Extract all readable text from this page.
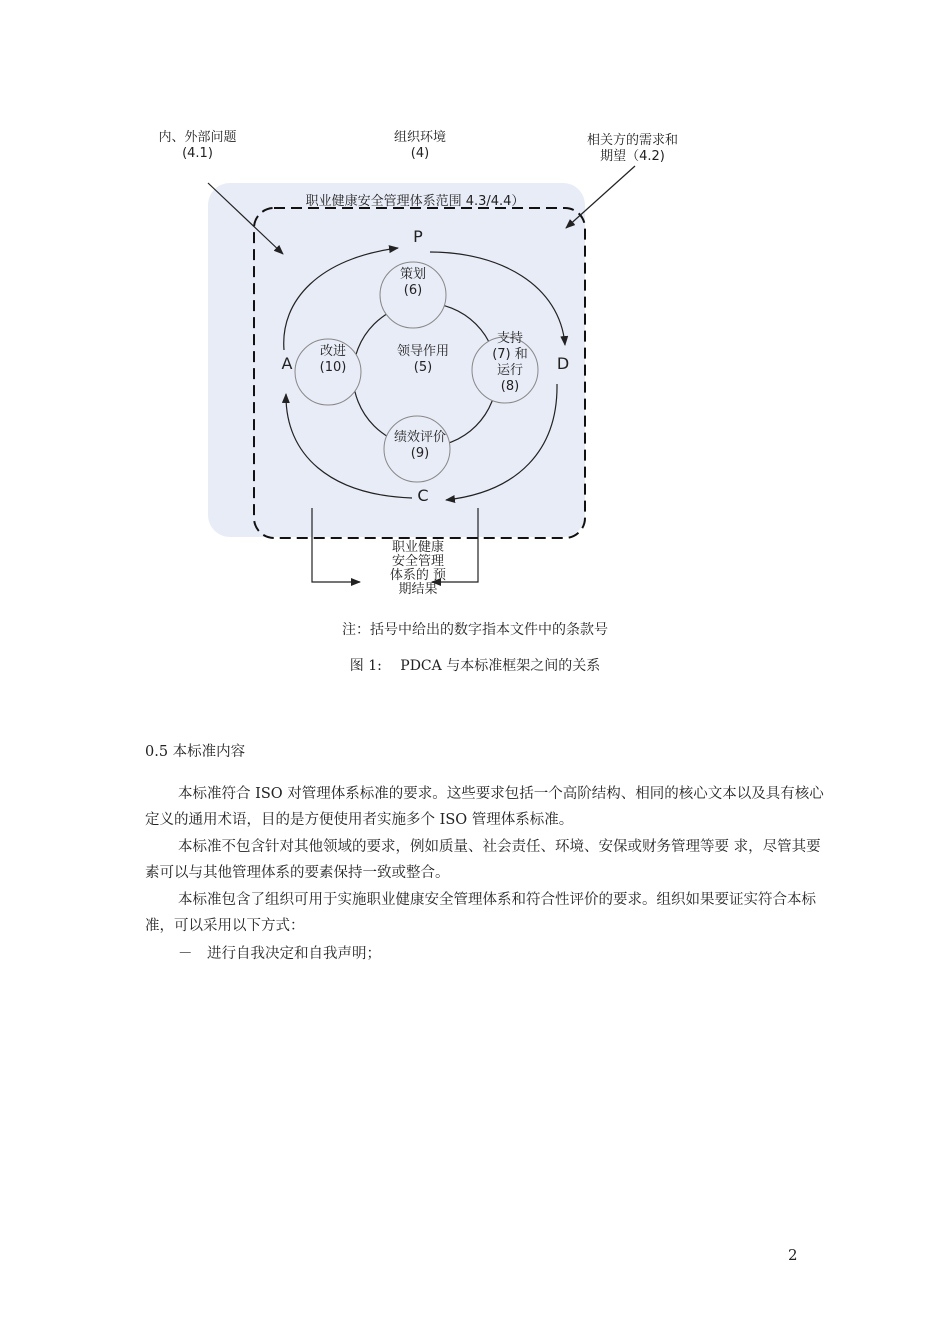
内、外部问题
(4.1)
组织环境
(4)
相关方的需求和
期望（4.2)
职业健康安全管理体系范围 4.3/4.4）
P
D
C
A
策划
(6)
支持
(7) 和
运行
(8)
绩效评价
(9)
改进
(10)
领导作用
(5)
职业健康
安全管理
体系的 预
期结果
注：括号中给出的数字指本文件中的条款号
图 1:　 PDCA 与本标准框架之间的关系
0.5 本标准内容
本标准符合 ISO 对管理体系标准的要求。这些要求包括一个高阶结构、相同的核心文本以及具有核心定义的通用术语，目的是方便使用者实施多个 ISO 管理体系标准。
本标准不包含针对其他领域的要求，例如质量、社会责任、环境、安保或财务管理等要 求，尽管其要素可以与其他管理体系的要素保持一致或整合。
本标准包含了组织可用于实施职业健康安全管理体系和符合性评价的要求。组织如果要证实符合本标准，可以采用以下方式：
－　进行自我决定和自我声明；
2
